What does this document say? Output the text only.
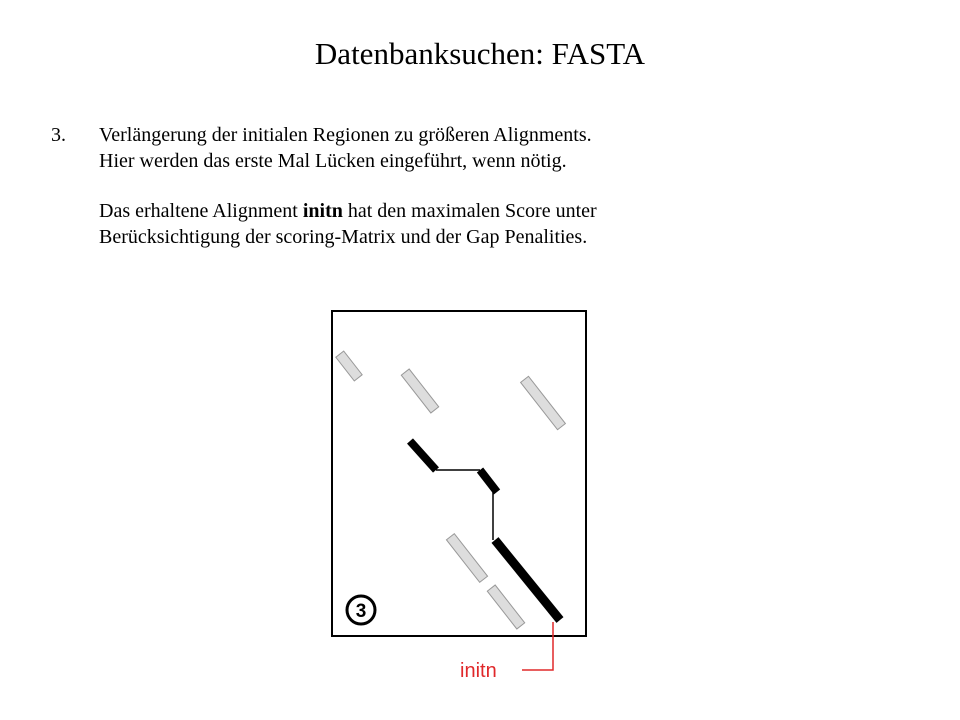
Datenbanksuchen: FASTA
3. Verlängerung der initialen Regionen zu größeren Alignments.

Hier werden das erste Mal Lücken eingeführt, wenn nötig.

Das erhaltene Alignment initn hat den maximalen Score unter

Berücksichtigung der scoring-Matrix und der Gap Penalities.

3
initn
